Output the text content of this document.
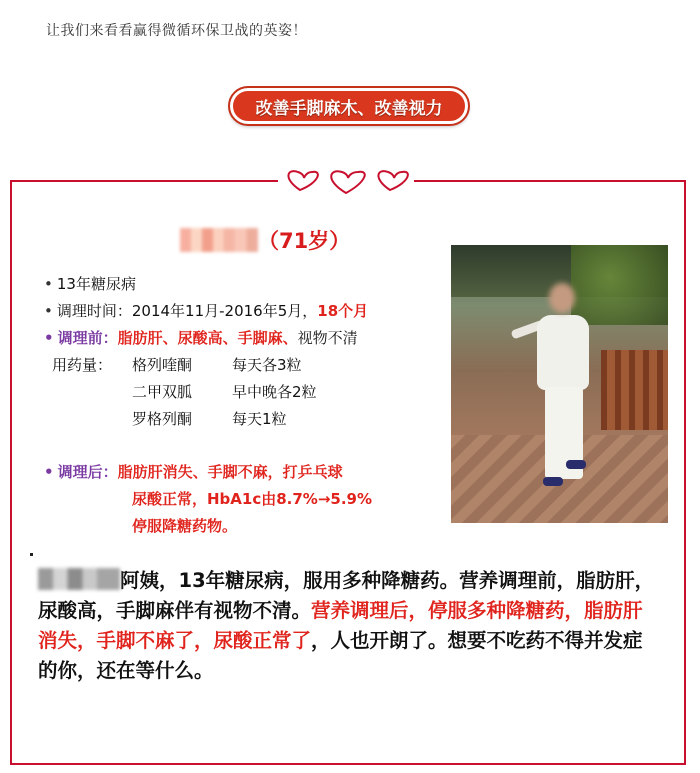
让我们来看看赢得微循环保卫战的英姿！
改善手脚麻木、改善视力
（71岁）
• 13年糖尿病
• 调理时间：2014年11月-2016年5月，18个月
• 调理前：脂肪肝、尿酸高、手脚麻、视物不清
用药量： 格列喹酮	每天各3粒
二甲双胍	早中晚各2粒
罗格列酮	每天1粒
• 调理后：脂肪肝消失、手脚不麻，打乒乓球
尿酸正常，HbA1c由8.7%→5.9%
停服降糖药物。
阿姨，13年糖尿病，服用多种降糖药。营养调理前，脂肪肝，尿酸高，手脚麻伴有视物不清。营养调理后，停服多种降糖药，脂肪肝消失，手脚不麻了，尿酸正常了，人也开朗了。想要不吃药不得并发症的你，还在等什么。
